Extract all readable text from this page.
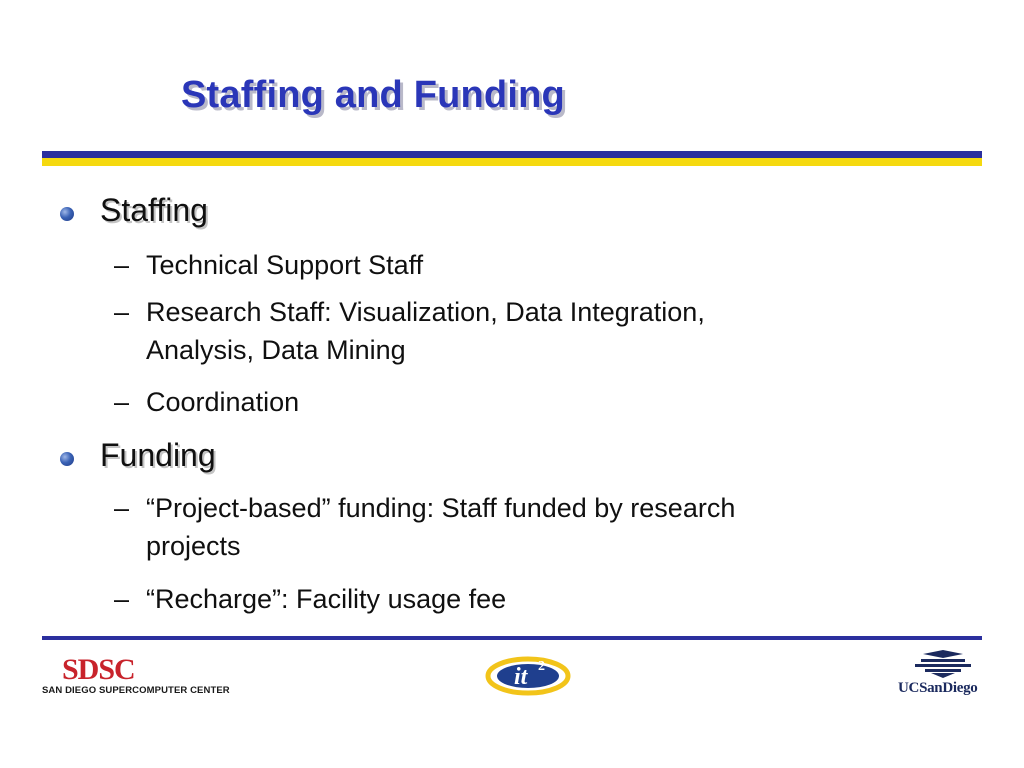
Staffing and Funding
Staffing
– Technical Support Staff
– Research Staff: Visualization, Data Integration,
Analysis, Data Mining
– Coordination
Funding
– “Project-based” funding: Staff funded by research
projects
– “Recharge”: Facility usage fee
SDSC
SAN DIEGO SUPERCOMPUTER CENTER
it 2
UCSanDiego
